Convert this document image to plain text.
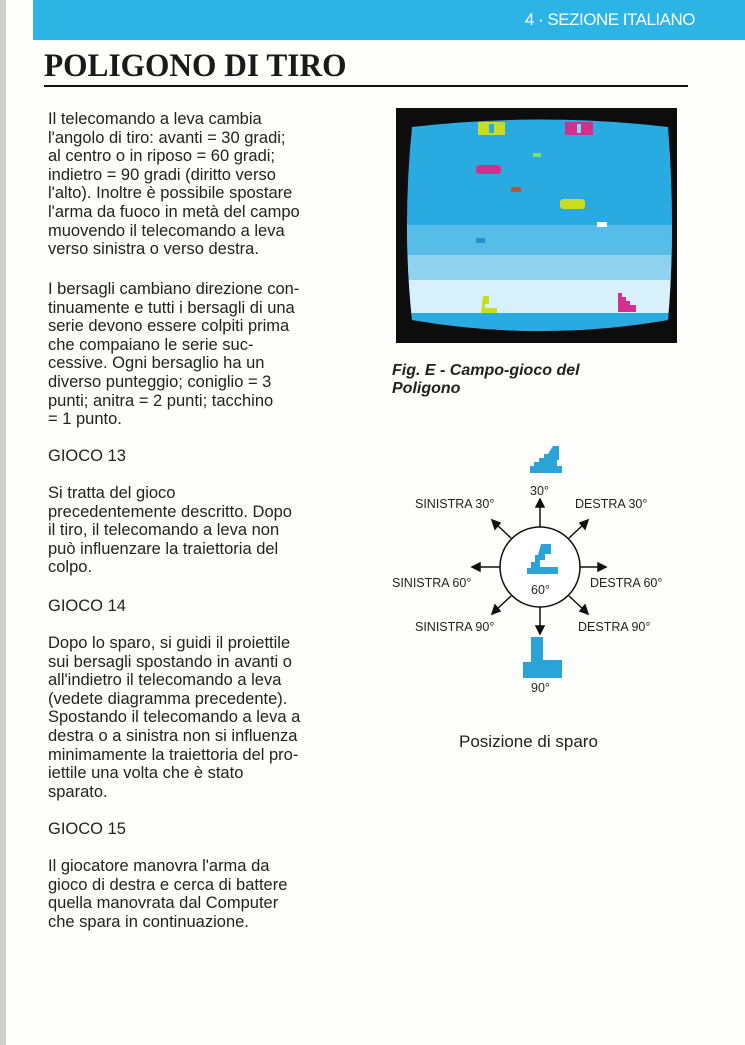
4 · SEZIONE ITALIANO
POLIGONO DI TIRO
Il telecomando a leva cambia
l'angolo di tiro: avanti = 30 gradi;
al centro o in riposo = 60 gradi;
indietro = 90 gradi (diritto verso
l'alto). Inoltre è possibile spostare
l'arma da fuoco in metà del campo
muovendo il telecomando a leva
verso sinistra o verso destra.
I bersagli cambiano direzione con-
tinuamente e tutti i bersagli di una
serie devono essere colpiti prima
che compaiano le serie suc-
cessive. Ogni bersaglio ha un
diverso punteggio; coniglio = 3
punti; anitra = 2 punti; tacchino
= 1 punto.
GIOCO 13
Si tratta del gioco
precedentemente descritto. Dopo
il tiro, il telecomando a leva non
può influenzare la traiettoria del
colpo.
GIOCO 14
Dopo lo sparo, si guidi il proiettile
sui bersagli spostando in avanti o
all'indietro il telecomando a leva
(vedete diagramma precedente).
Spostando il telecomando a leva a
destra o a sinistra non si influenza
minimamente la traiettoria del pro-
iettile una volta che è stato
sparato.
GIOCO 15
Il giocatore manovra l'arma da
gioco di destra e cerca di battere
quella manovrata dal Computer
che spara in continuazione.
Fig. E - Campo-gioco del
Poligono
30°
60°
90°
SINISTRA 30°	DESTRA 30°
SINISTRA 60°	DESTRA 60°
SINISTRA 90°	DESTRA 90°
Posizione di sparo
